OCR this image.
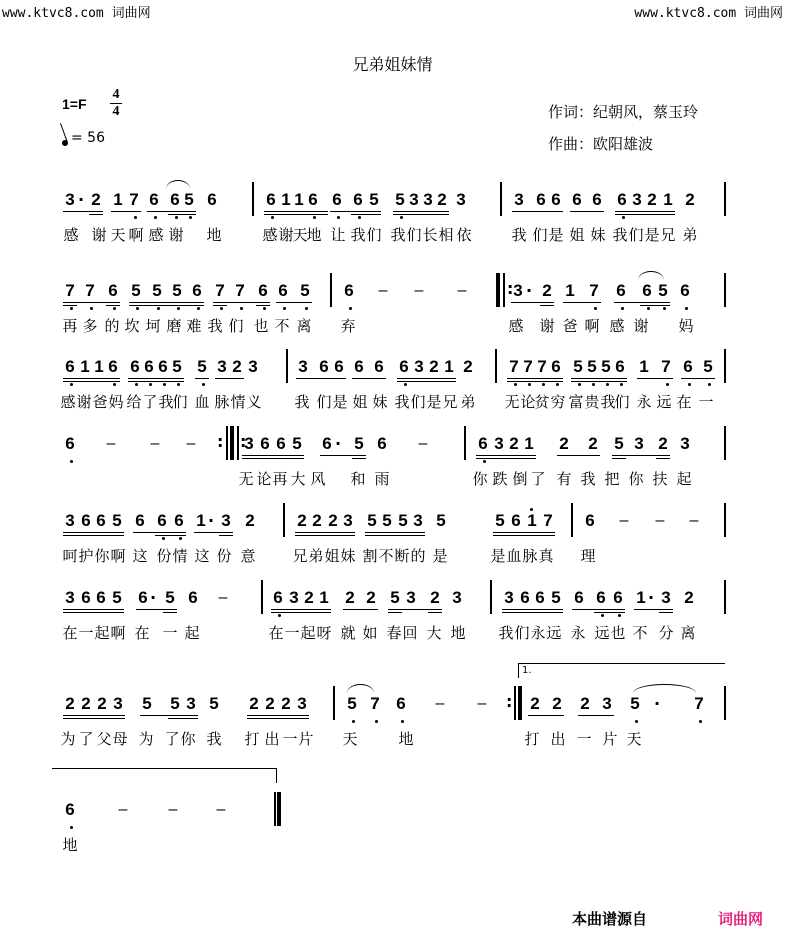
www.ktvc8.com 词曲网	www.ktvc8.com 词曲网
兄弟姐妹情
1=F
4
4
= 56
作词：纪朝风，蔡玉玲
作曲：欧阳雄波
3 · 2 1 7 6 6 5 6	6 1 1 6 6 6 5 5 3 3 2 3	3 6 6 6 6 6 3 2 1 2
感 谢 天 啊 感 谢 地	感 谢
天
地 让 我 们 我 们 长 相 依	我 们 是 姐 妹 我 们 是 兄 弟
7 7 6 5 5 5 6 7 7 6 6 5 6 – – –	: 3 · 2 1 7 6 6 5 6
再 多 的 坎 坷 磨 难 我 们 也 不 离 弃	感 谢 爸 啊 感 谢 妈
6 1 1 6 6 6 6 5 5 3 2 3 3 6 6 6 6 6 3 2 1 2 7 7 7 6 5 5 5 6 1 7 6 5
感 谢 爸 妈 给 了 我
们 血 脉 情 义 我 们 是 姐 妹 我 们 是 兄 弟 无 论
贫 穷 富 贵 我
们 永 远 在 一
6 – – – : :
3 6 6 5 6 · 5 6 –	6 3 2 1 2 2 5 3 2 3
无 论 再 大 风 和 雨	你 跌 倒 了 有 我 把 你 扶 起
3 6 6 5 6 6 6 1 · 3 2	2 2 2 3 5 5 5 3 5	5 6 1 7 6 – – –
呵 护 你 啊 这 份 情 这 份 意 兄 弟 姐 妹 割 不 断 的 是	是 血 脉 真 理
3 6 6 5 6 · 5 6 –	6 3 2 1 2 2 5 3 2 3	3 6 6 5 6 6 6 1 · 3 2
在 一 起 啊 在 一 起	在 一 起 呀 就 如 春 回 大 地 我 们 永 远 永 远 也 不 分 离
2 2 2 3 5 5 3 5 2 2 2 3 5 7 6 – – : 2 2 2 3 5 · 7
1.
为 了 父 母 为 了 你 我 打 出 一 片 天	地	打 出 一 片 天
6	–	– –
地
本曲谱源自	词曲网
